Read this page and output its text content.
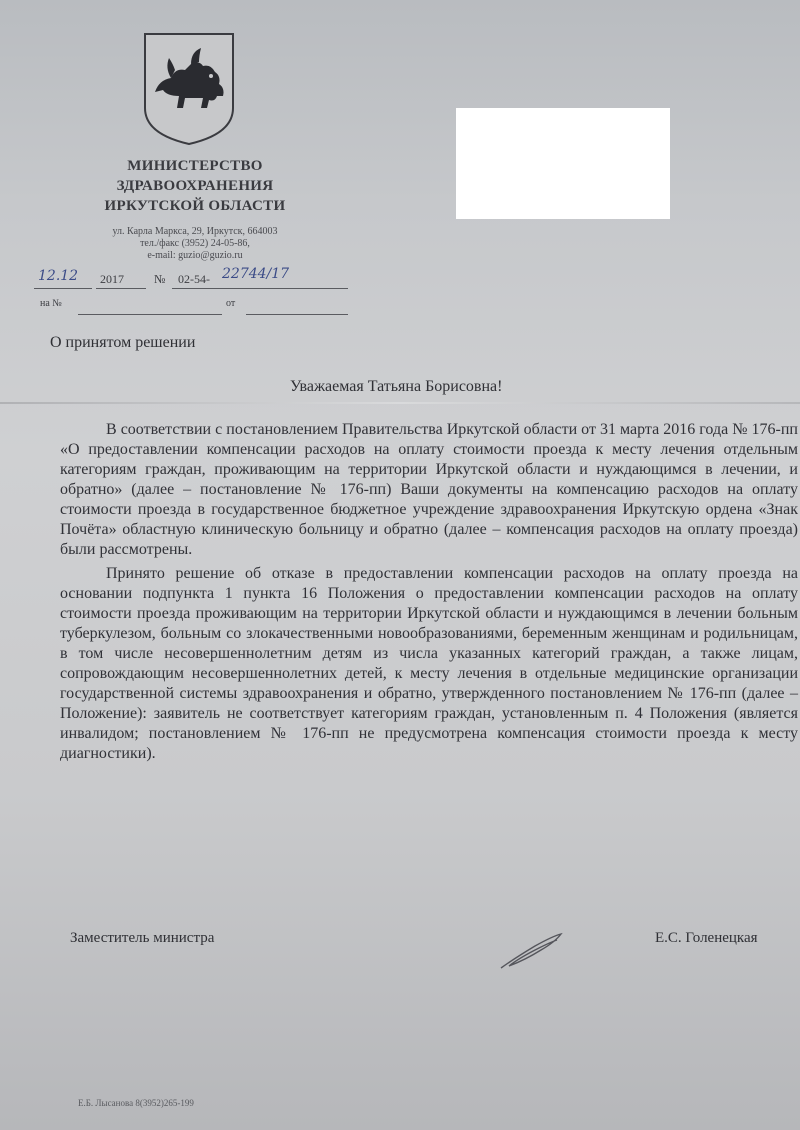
МИНИСТЕРСТВО
ЗДРАВООХРАНЕНИЯ
ИРКУТСКОЙ ОБЛАСТИ
ул. Карла Маркса, 29, Иркутск, 664003
тел./факс (3952) 24-05-86,
e-mail: guzio@guzio.ru
12.12 2017	№ 02-54- 22744/17
на №	от
О принятом решении
Уважаемая Татьяна Борисовна!

В соответствии с постановлением Правительства Иркутской области от 31 марта 2016 года № 176-пп «О предоставлении компенсации расходов на оплату стоимости проезда к месту лечения отдельным категориям граждан, проживающим на территории Иркутской области и нуждающимся в лечении, и обратно» (далее – постановление № 176-пп) Ваши документы на компенсацию расходов на оплату стоимости проезда в государственное бюджетное учреждение здравоохранения Иркутскую ордена «Знак Почёта» областную клиническую больницу и обратно (далее – компенсация расходов на оплату проезда) были рассмотрены.

Принято решение об отказе в предоставлении компенсации расходов на оплату проезда на основании подпункта 1 пункта 16 Положения о предоставлении компенсации расходов на оплату стоимости проезда проживающим на территории Иркутской области и нуждающимся в лечении больным туберкулезом, больным со злокачественными новообразованиями, беременным женщинам и родильницам, в том числе несовершеннолетним детям из числа указанных категорий граждан, а также лицам, сопровождающим несовершеннолетних детей, к месту лечения в отдельные медицинские организации государственной системы здравоохранения и обратно, утвержденного постановлением № 176-пп (далее – Положение): заявитель не соответствует категориям граждан, установленным п. 4 Положения (является инвалидом; постановлением № 176-пп не предусмотрена компенсация стоимости проезда к месту диагностики).

Заместитель министра	Е.С. Голенецкая
Е.Б. Лысанова 8(3952)265-199
